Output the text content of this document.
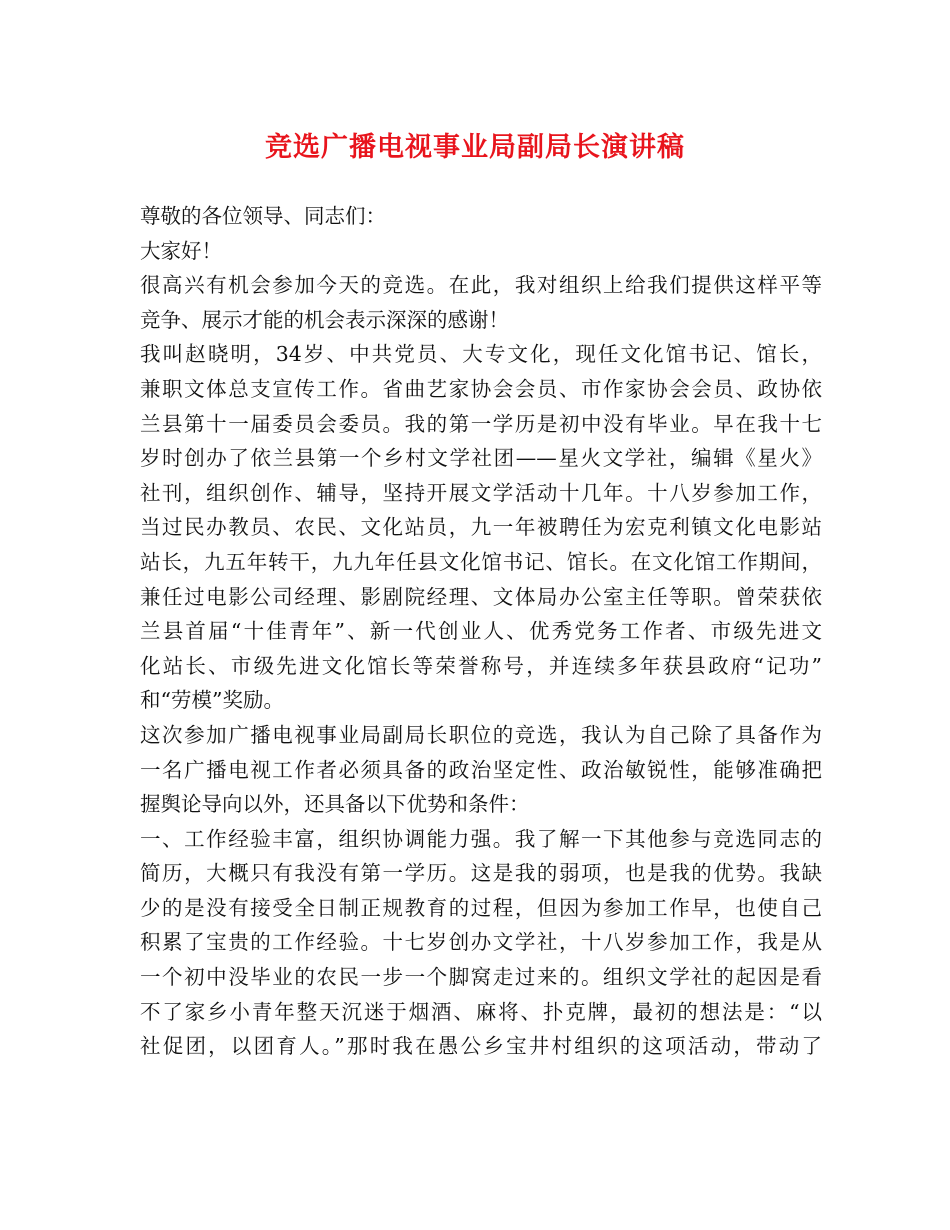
竞选广播电视事业局副局长演讲稿
尊敬的各位领导、同志们：
大家好！
很高兴有机会参加今天的竞选。在此，我对组织上给我们提供这样平等
竞争、展示才能的机会表示深深的感谢！
我叫赵晓明，34岁、中共党员、大专文化，现任文化馆书记、馆长，
兼职文体总支宣传工作。省曲艺家协会会员、市作家协会会员、政协依
兰县第十一届委员会委员。我的第一学历是初中没有毕业。早在我十七
岁时创办了依兰县第一个乡村文学社团——星火文学社，编辑《星火》
社刊，组织创作、辅导，坚持开展文学活动十几年。十八岁参加工作，
当过民办教员、农民、文化站员，九一年被聘任为宏克利镇文化电影站
站长，九五年转干，九九年任县文化馆书记、馆长。在文化馆工作期间，
兼任过电影公司经理、影剧院经理、文体局办公室主任等职。曾荣获依
兰县首届“十佳青年”、新一代创业人、优秀党务工作者、市级先进文
化站长、市级先进文化馆长等荣誉称号，并连续多年获县政府“记功”
和“劳模”奖励。
这次参加广播电视事业局副局长职位的竞选，我认为自己除了具备作为
一名广播电视工作者必须具备的政治坚定性、政治敏锐性，能够准确把
握舆论导向以外，还具备以下优势和条件：
一、工作经验丰富，组织协调能力强。我了解一下其他参与竞选同志的
简历，大概只有我没有第一学历。这是我的弱项，也是我的优势。我缺
少的是没有接受全日制正规教育的过程，但因为参加工作早，也使自己
积累了宝贵的工作经验。十七岁创办文学社，十八岁参加工作，我是从
一个初中没毕业的农民一步一个脚窝走过来的。组织文学社的起因是看
不了家乡小青年整天沉迷于烟酒、麻将、扑克牌，最初的想法是：“以
社促团，以团育人。”那时我在愚公乡宝井村组织的这项活动，带动了
